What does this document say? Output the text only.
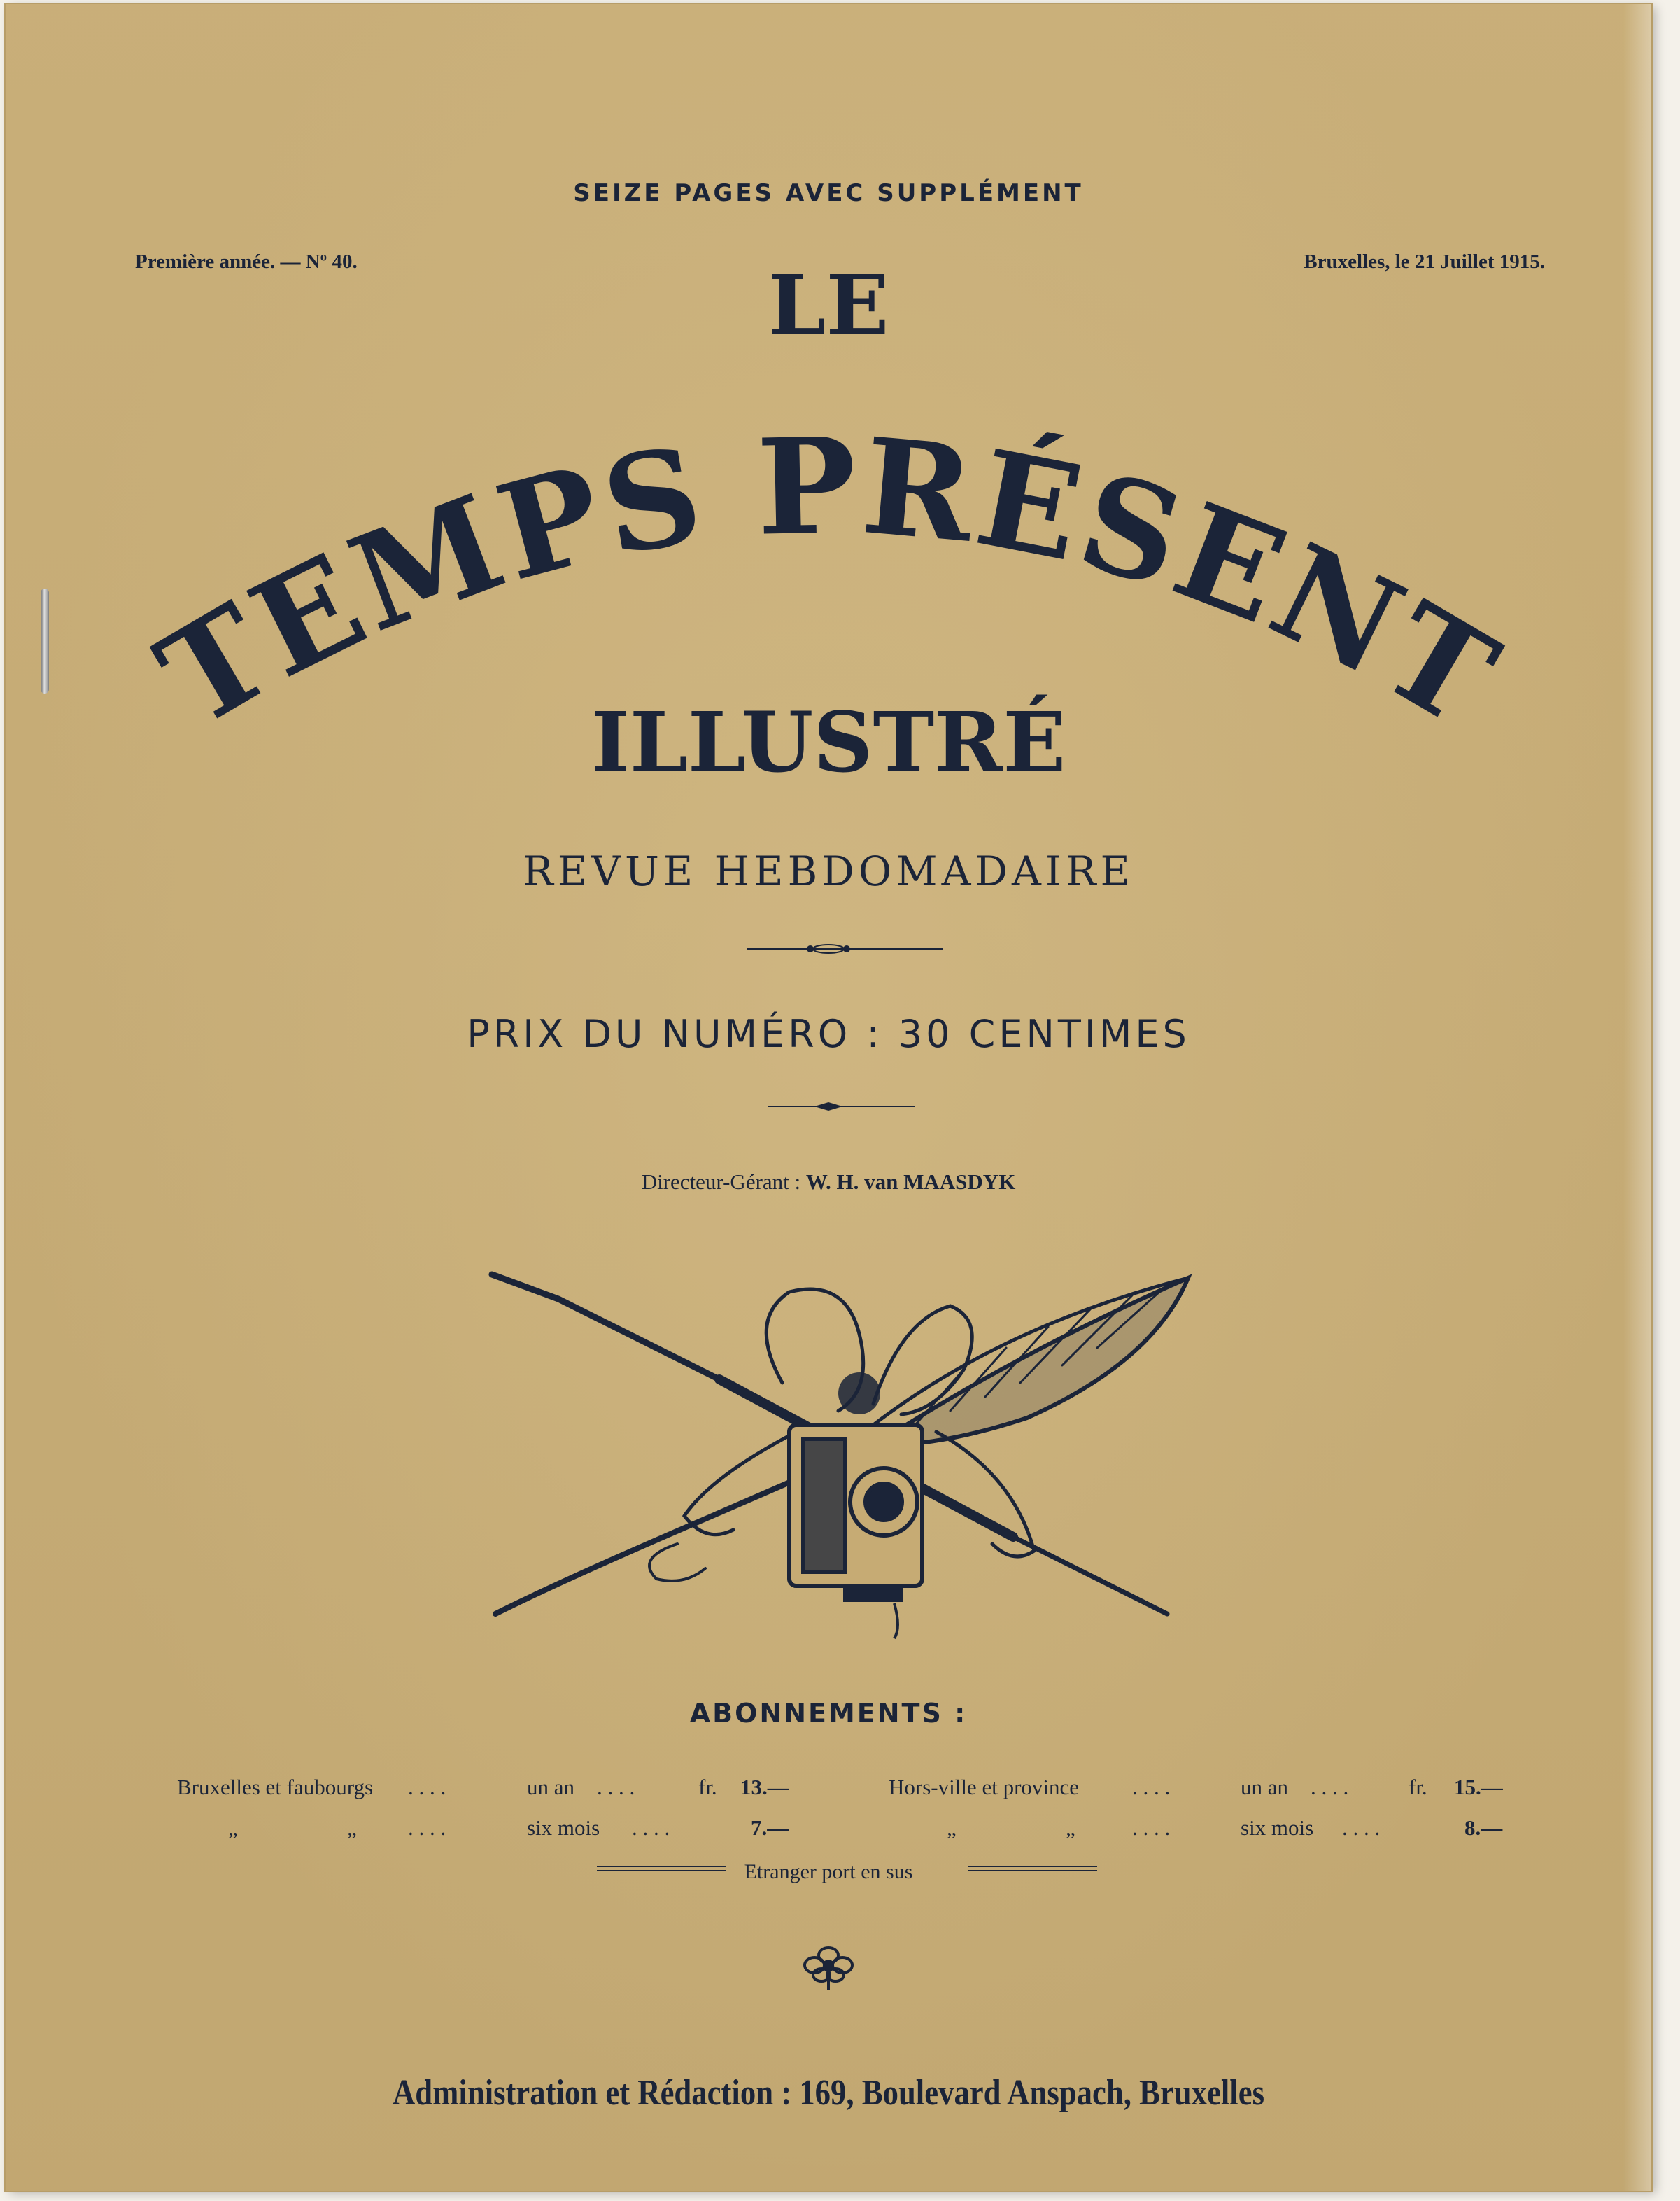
SEIZE PAGES AVEC SUPPLÉMENT
Première année. — Nº 40.	Bruxelles, le 21 Juillet 1915.
LE
TEMPS PRÉSENT
ILLUSTRÉ
REVUE HEBDOMADAIRE
PRIX DU NUMÉRO : 30 CENTIMES
Directeur-Gérant : W. H. van MAASDYK
ABONNEMENTS :
Bruxelles et faubourgs . . . .	un an . . . .	fr. 13.—	Hors-ville et province . . . .	un an . . . .	fr. 15.—
„	„ . . . .	six mois . . . .	7.—	„	„	. . . .	six mois . . . .	8.—
Etranger port en sus
Administration et Rédaction : 169, Boulevard Anspach, Bruxelles
